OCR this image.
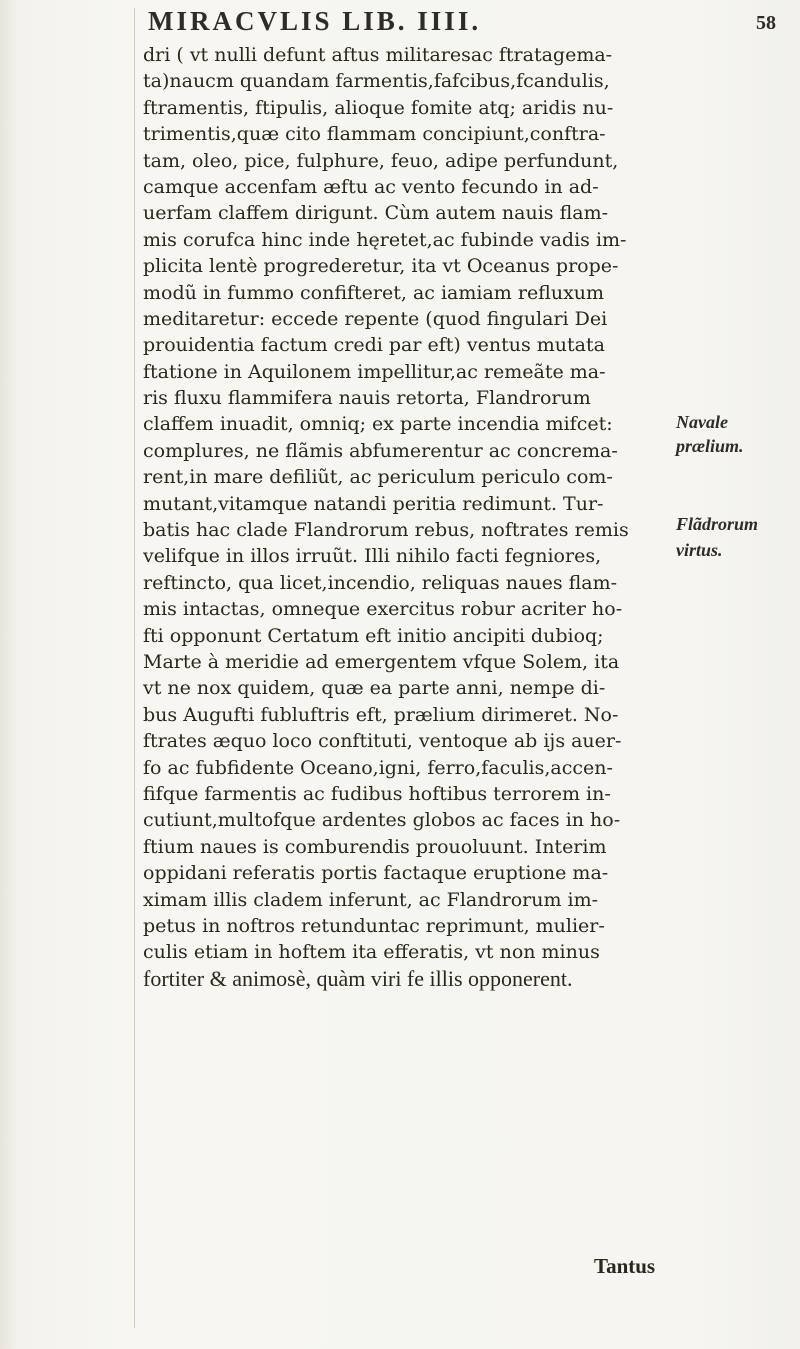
MIRACVLIS LIB. IIII.	58
dri ( vt nulli defunt aftus militaresac ftratagema-
ta)naucm quandam farmentis,fafcibus,fcandulis,
ftramentis, ftipulis, alioque fomite atq; aridis nu-
trimentis,quæ cito flammam concipiunt,conftra-
tam, oleo, pice, fulphure, feuo, adipe perfundunt,
camque accenfam æftu ac vento fecundo in ad-
uerfam claffem dirigunt. Cùm autem nauis flam-
mis corufca hinc inde hęretet,ac fubinde vadis im-
plicita lentè progrederetur, ita vt Oceanus prope-
modũ in fummo confifteret, ac iamiam refluxum
meditaretur: eccede repente (quod fingulari Dei
prouidentia factum credi par eft) ventus mutata
ftatione in Aquilonem impellitur,ac remeãte ma-
ris fluxu flammifera nauis retorta, Flandrorum
claffem inuadit, omniq; ex parte incendia mifcet:
complures, ne flãmis abfumerentur ac concrema-
rent,in mare defiliũt, ac periculum periculo com-
mutant,vitamque natandi peritia redimunt. Tur-
batis hac clade Flandrorum rebus, noftrates remis
velifque in illos irruũt. Illi nihilo facti fegniores,
reftincto, qua licet,incendio, reliquas naues flam-
mis intactas, omneque exercitus robur acriter ho-
fti opponunt Certatum eft initio ancipiti dubioq;
Marte à meridie ad emergentem vfque Solem, ita
vt ne nox quidem, quæ ea parte anni, nempe di-
bus Augufti fubluftris eft, prælium dirimeret. No-
ftrates æquo loco conftituti, ventoque ab ijs auer-
fo ac fubfidente Oceano,igni, ferro,faculis,accen-
fifque farmentis ac fudibus hoftibus terrorem in-
cutiunt,multofque ardentes globos ac faces in ho-
ftium naues is comburendis prouoluunt. Interim
oppidani referatis portis factaque eruptione ma-
ximam illis cladem inferunt, ac Flandrorum im-
petus in noftros retunduntac reprimunt, mulier-
culis etiam in hoftem ita efferatis, vt non minus
fortiter & animosè, quàm viri fe illis opponerent.
Navale
prælium.
Flãdrorum
virtus.
Tantus
